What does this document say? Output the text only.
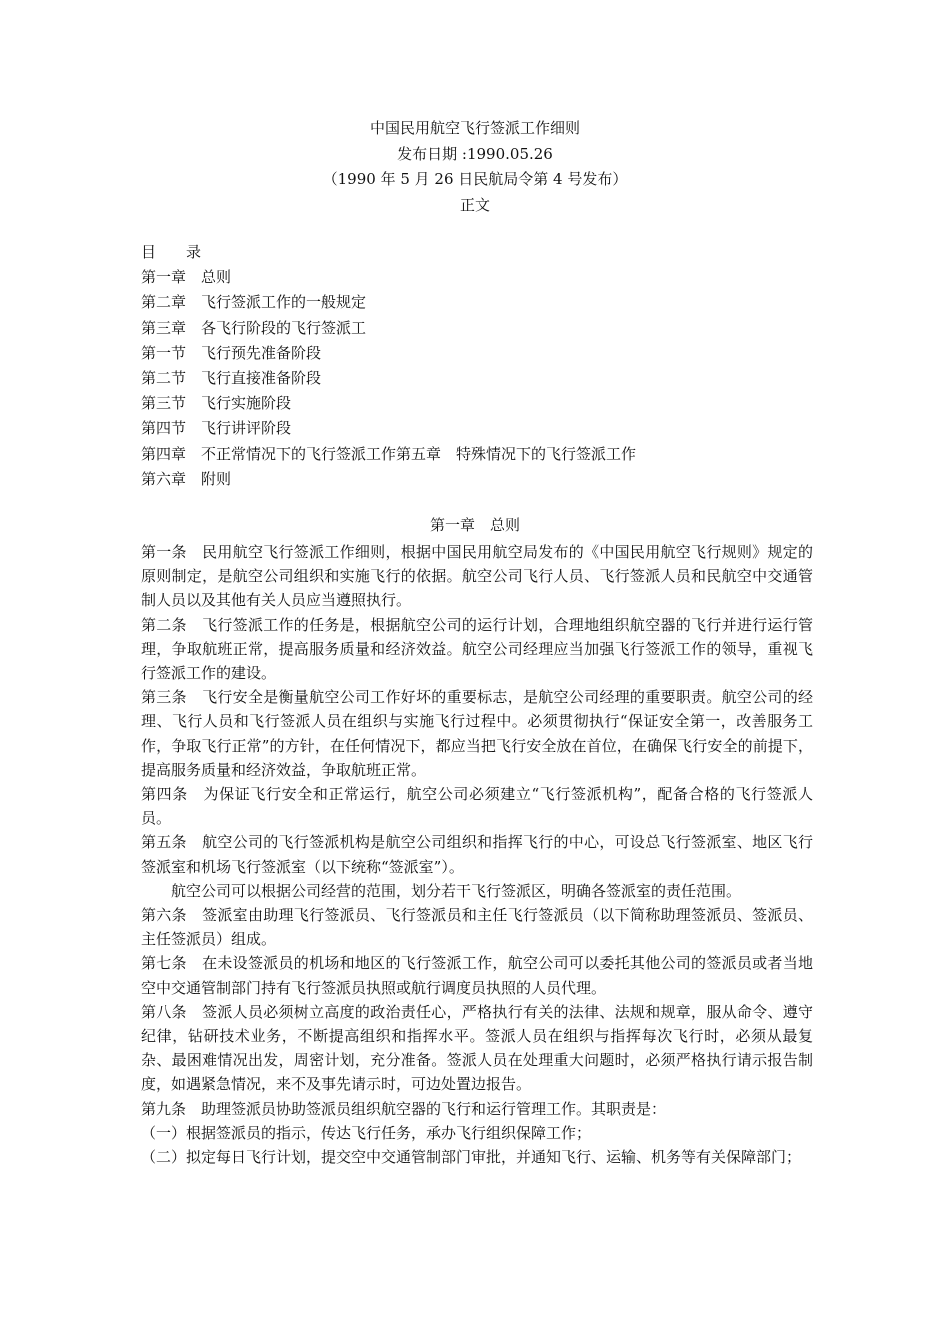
中国民用航空飞行签派工作细则
发布日期 :1990.05.26
（1990 年 5 月 26 日民航局令第 4 号发布）
正文
目　　录
第一章　总则
第二章　飞行签派工作的一般规定
第三章　各飞行阶段的飞行签派工
第一节　飞行预先准备阶段
第二节　飞行直接准备阶段
第三节　飞行实施阶段
第四节　飞行讲评阶段
第四章　不正常情况下的飞行签派工作第五章　特殊情况下的飞行签派工作
第六章　附则
第一章　总则

第一条　民用航空飞行签派工作细则，根据中国民用航空局发布的《中国民用航空飞行规则》规定的原则制定，是航空公司组织和实施飞行的依据。航空公司飞行人员、飞行签派人员和民航空中交通管制人员以及其他有关人员应当遵照执行。

第二条　飞行签派工作的任务是，根据航空公司的运行计划，合理地组织航空器的飞行并进行运行管理，争取航班正常，提高服务质量和经济效益。航空公司经理应当加强飞行签派工作的领导，重视飞行签派工作的建设。

第三条　飞行安全是衡量航空公司工作好坏的重要标志，是航空公司经理的重要职责。航空公司的经理、飞行人员和飞行签派人员在组织与实施飞行过程中。必须贯彻执行“保证安全第一，改善服务工作，争取飞行正常”的方针，在任何情况下，都应当把飞行安全放在首位，在确保飞行安全的前提下，提高服务质量和经济效益，争取航班正常。

第四条　为保证飞行安全和正常运行，航空公司必须建立“飞行签派机构”，配备合格的飞行签派人员。

第五条　航空公司的飞行签派机构是航空公司组织和指挥飞行的中心，可设总飞行签派室、地区飞行签派室和机场飞行签派室（以下统称“签派室”）。

航空公司可以根据公司经营的范围，划分若干飞行签派区，明确各签派室的责任范围。

第六条　签派室由助理飞行签派员、飞行签派员和主任飞行签派员（以下简称助理签派员、签派员、主任签派员）组成。

第七条　在未设签派员的机场和地区的飞行签派工作，航空公司可以委托其他公司的签派员或者当地空中交通管制部门持有飞行签派员执照或航行调度员执照的人员代理。

第八条　签派人员必须树立高度的政治责任心，严格执行有关的法律、法规和规章，服从命令、遵守纪律，钻研技术业务，不断提高组织和指挥水平。签派人员在组织与指挥每次飞行时，必须从最复杂、最困难情况出发，周密计划，充分准备。签派人员在处理重大问题时，必须严格执行请示报告制度，如遇紧急情况，来不及事先请示时，可边处置边报告。

第九条　助理签派员协助签派员组织航空器的飞行和运行管理工作。其职责是：

（一）根据签派员的指示，传达飞行任务，承办飞行组织保障工作；

（二）拟定每日飞行计划，提交空中交通管制部门审批，并通知飞行、运输、机务等有关保障部门；
